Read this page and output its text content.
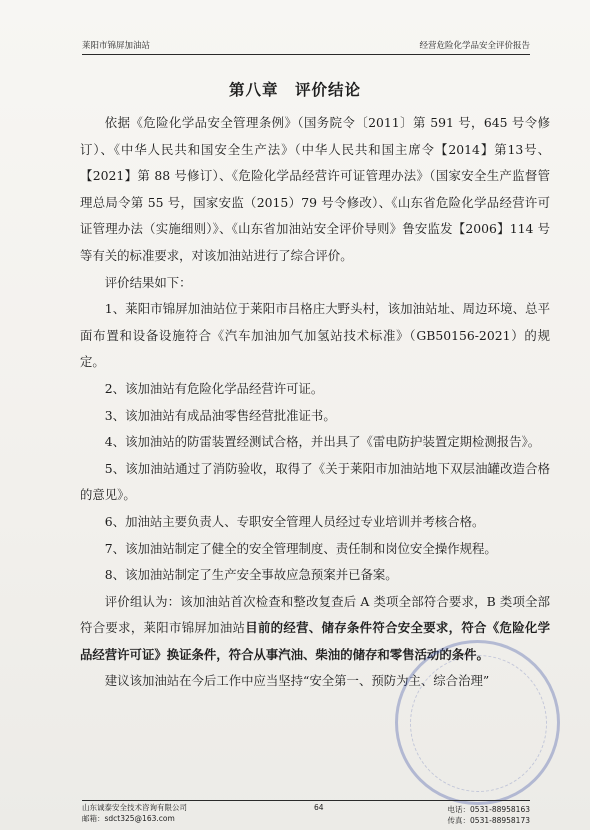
莱阳市锦屏加油站	经营危险化学品安全评价报告
第八章　评价结论

依据《危险化学品安全管理条例》（国务院令〔2011〕第 591 号，645 号令修订）、《中华人民共和国安全生产法》（中华人民共和国主席令【2014】第13号、【2021】第 88 号修订）、《危险化学品经营许可证管理办法》（国家安全生产监督管理总局令第 55 号，国家安监（2015）79 号令修改）、《山东省危险化学品经营许可证管理办法（实施细则）》、《山东省加油站安全评价导则》鲁安监发【2006】114 号等有关的标准要求，对该加油站进行了综合评价。

评价结果如下：

1、莱阳市锦屏加油站位于莱阳市吕格庄大野头村，该加油站址、周边环境、总平面布置和设备设施符合《汽车加油加气加氢站技术标准》（GB50156-2021）的规定。

2、该加油站有危险化学品经营许可证。

3、该加油站有成品油零售经营批准证书。

4、该加油站的防雷装置经测试合格，并出具了《雷电防护装置定期检测报告》。

5、该加油站通过了消防验收，取得了《关于莱阳市加油站地下双层油罐改造合格的意见》。

6、加油站主要负责人、专职安全管理人员经过专业培训并考核合格。

7、该加油站制定了健全的安全管理制度、责任制和岗位安全操作规程。

8、该加油站制定了生产安全事故应急预案并已备案。

评价组认为：该加油站首次检查和整改复查后 A 类项全部符合要求，B 类项全部符合要求，莱阳市锦屏加油站目前的经营、储存条件符合安全要求，符合《危险化学品经营许可证》换证条件，符合从事汽油、柴油的储存和零售活动的条件。

建议该加油站在今后工作中应当坚持“安全第一、预防为主、综合治理”

山东诚泰安全技术咨询有限公司
邮箱：sdct325@163.com
64	电话：0531-88958163
传真：0531-88958173
